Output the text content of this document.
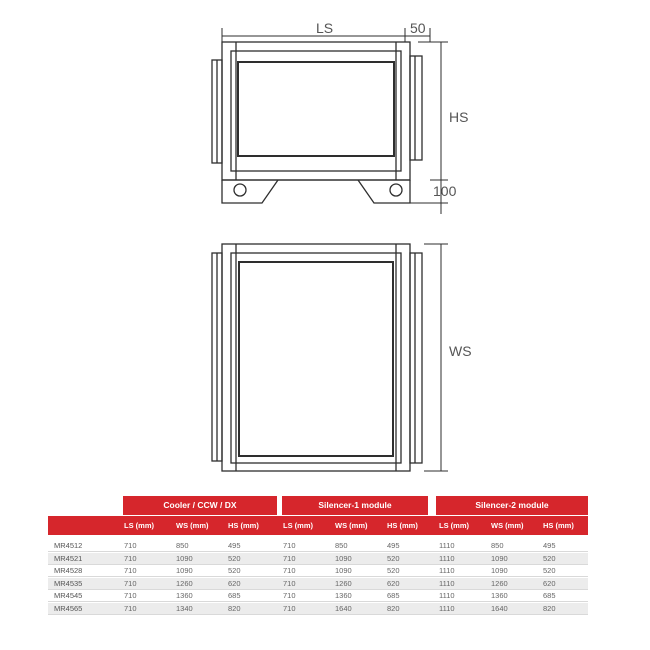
LS	50
HS
100
WS
Cooler / CCW / DX	Silencer-1 module	Silencer-2 module
LS (mm)	WS (mm)	HS (mm)	LS (mm)	WS (mm)	HS (mm)	LS (mm)	WS (mm)	HS (mm)
MR4512	710	850	495	710	850	495	1110	850	495
MR4521	710	1090	520	710	1090	520	1110	1090	520
MR4528	710	1090	520	710	1090	520	1110	1090	520
MR4535	710	1260	620	710	1260	620	1110	1260	620
MR4545	710	1360	685	710	1360	685	1110	1360	685
MR4565	710	1340	820	710	1640	820	1110	1640	820
